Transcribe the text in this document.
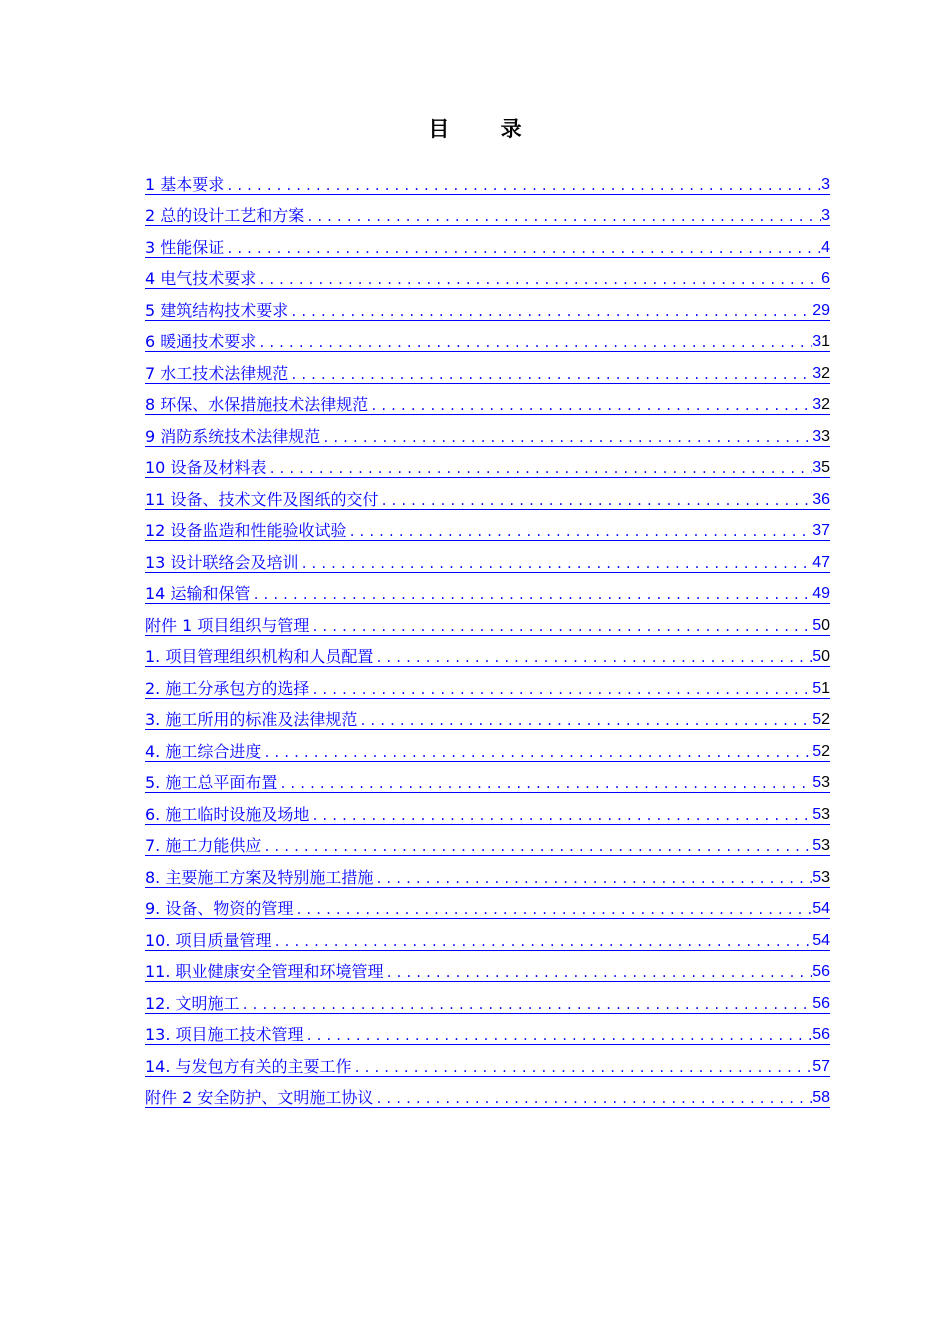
目 录
1 基本要求 .....	3
2 总的设计工艺和方案 .....	3
3 性能保证 .....	4
4 电气技术要求 .....	6
5 建筑结构技术要求 .....	29
6 暖通技术要求 .....	31
7 水工技术法律规范 .....	32
8 环保、水保措施技术法律规范 .....	32
9 消防系统技术法律规范 .....	33
10 设备及材料表 .....	35
11 设备、技术文件及图纸的交付 .....	36
12 设备监造和性能验收试验 .....	37
13 设计联络会及培训 .....	47
14 运输和保管 .....	49
附件 1 项目组织与管理 .....	50
1. 项目管理组织机构和人员配置 .....	50
2. 施工分承包方的选择 .....	51
3. 施工所用的标准及法律规范 .....	52
4. 施工综合进度 .....	52
5. 施工总平面布置 .....	53
6. 施工临时设施及场地 .....	53
7. 施工力能供应 .....	53
8. 主要施工方案及特别施工措施 .....	53
9. 设备、物资的管理 .....	54
10. 项目质量管理 .....	54
11. 职业健康安全管理和环境管理 .....	56
12. 文明施工 .....	56
13. 项目施工技术管理 .....	56
14. 与发包方有关的主要工作 .....	57
附件 2 安全防护、文明施工协议 .....	58
